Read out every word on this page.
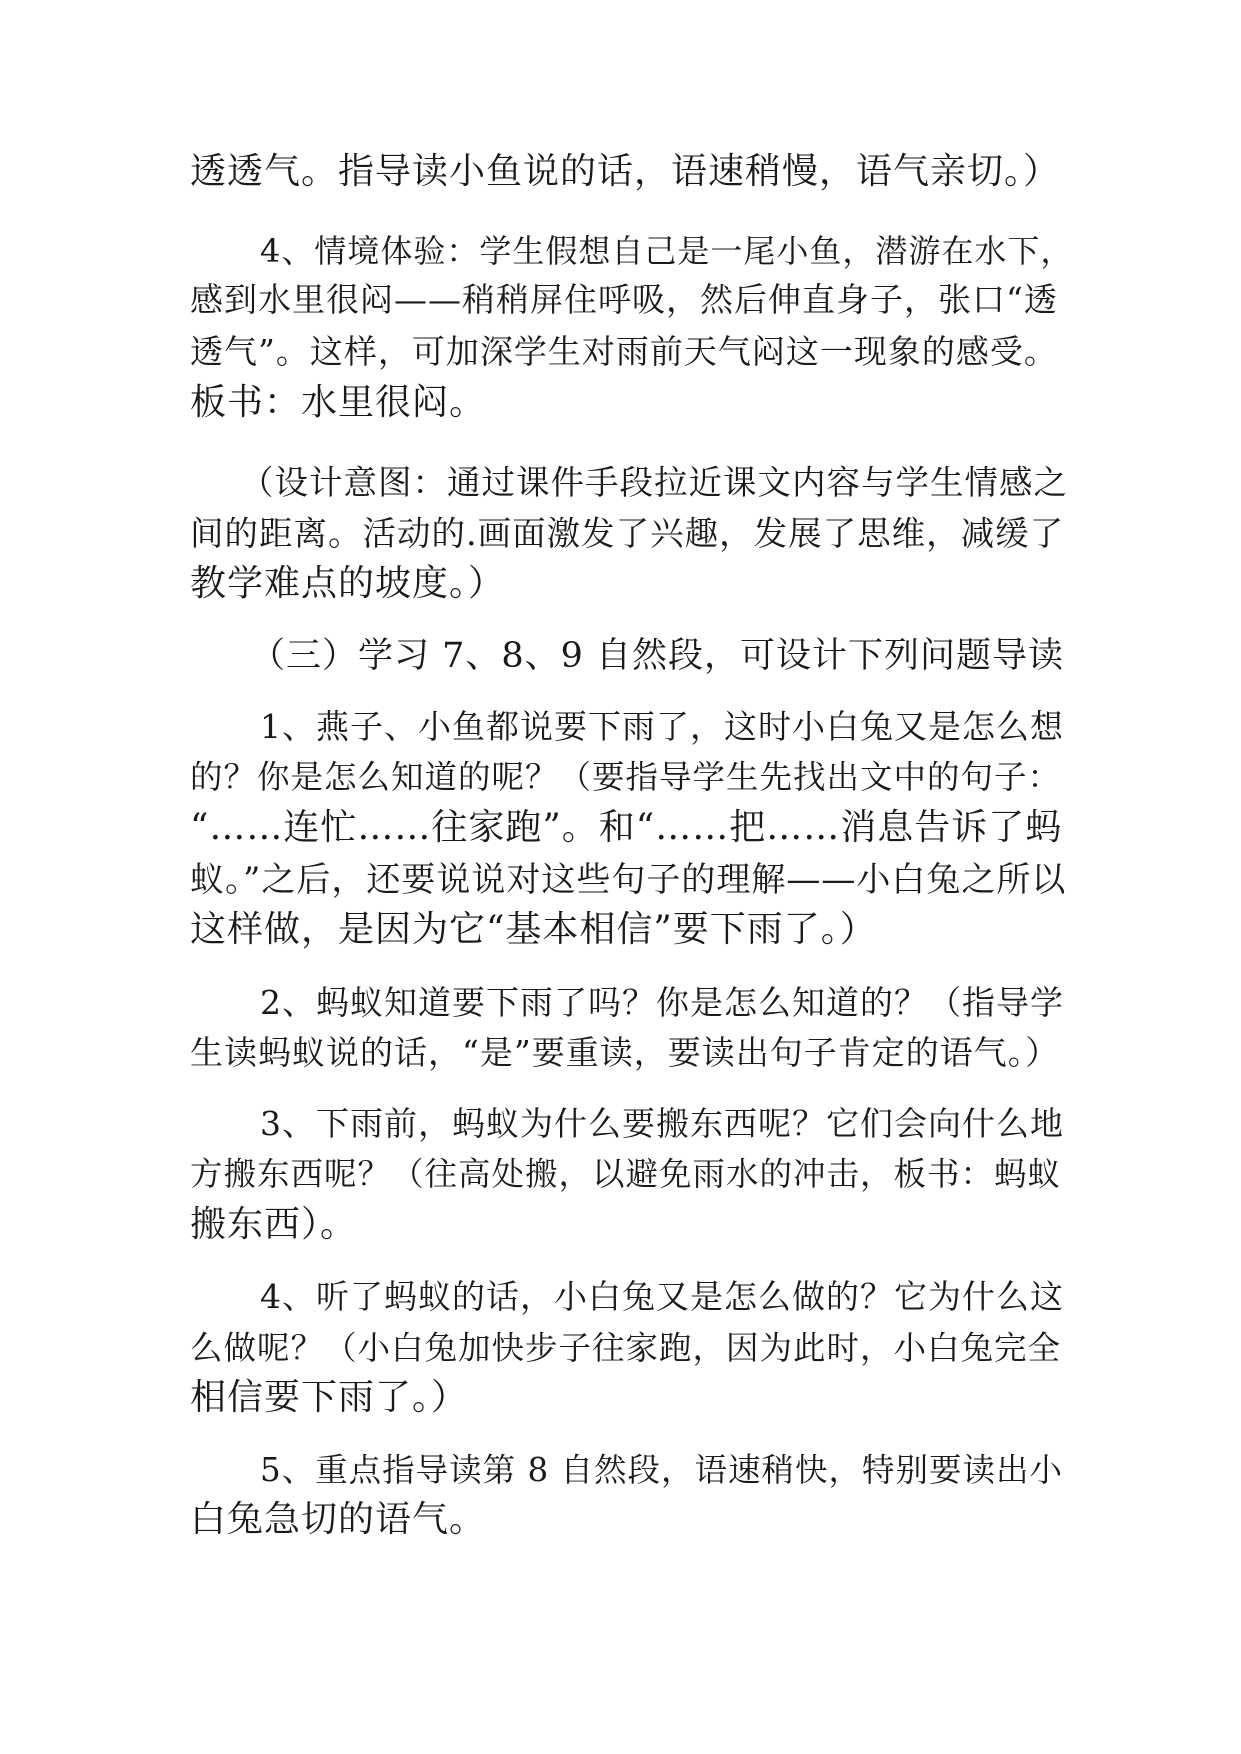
透透气。指导读小鱼说的话，语速稍慢，语气亲切。）
4、情境体验：学生假想自己是一尾小鱼，潜游在水下，
感到水里很闷——稍稍屏住呼吸，然后伸直身子，张口“透
透气”。这样，可加深学生对雨前天气闷这一现象的感受。
板书：水里很闷。
（设计意图：通过课件手段拉近课文内容与学生情感之
间的距离。活动的.画面激发了兴趣，发展了思维，减缓了
教学难点的坡度。）
（三）学习 7、8、9 自然段，可设计下列问题导读
1、燕子、小鱼都说要下雨了，这时小白兔又是怎么想
的？你是怎么知道的呢？（要指导学生先找出文中的句子：
“……连忙……往家跑”。和“……把……消息告诉了蚂
蚁。”之后，还要说说对这些句子的理解——小白兔之所以
这样做，是因为它“基本相信”要下雨了。）
2、蚂蚁知道要下雨了吗？你是怎么知道的？（指导学
生读蚂蚁说的话，“是”要重读，要读出句子肯定的语气。）
3、下雨前，蚂蚁为什么要搬东西呢？它们会向什么地
方搬东西呢？（往高处搬，以避免雨水的冲击，板书：蚂蚁
搬东西）。
4、听了蚂蚁的话，小白兔又是怎么做的？它为什么这
么做呢？（小白兔加快步子往家跑，因为此时，小白兔完全
相信要下雨了。）
5、重点指导读第 8 自然段，语速稍快，特别要读出小
白兔急切的语气。
